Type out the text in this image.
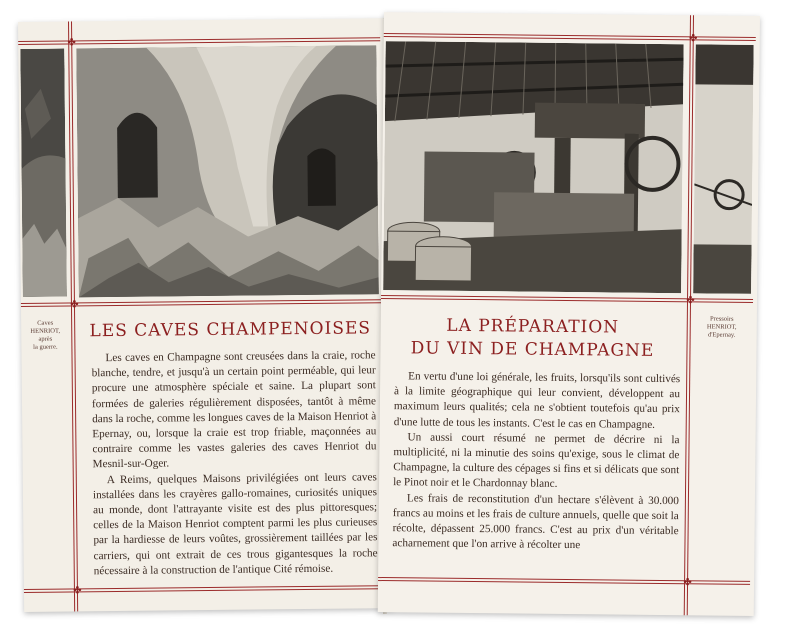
✤
✤
✤
Caves
HENRIOT,
après
la guerre.
LES CAVES CHAMPENOISES

Les caves en Champagne sont creusées dans la craie, roche blanche, tendre, et jusqu'à un certain point perméable, qui leur procure une atmosphère spéciale et saine. La plupart sont formées de galeries régulièrement disposées, tantôt à même dans la roche, comme les longues caves de la Maison Henriot à Epernay, ou, lorsque la craie est trop friable, maçonnées au contraire comme les vastes galeries des caves Henriot du Mesnil-sur-Oger.

A Reims, quelques Maisons privilégiées ont leurs caves installées dans les crayères gallo-romaines, curiosités uniques au monde, dont l'attrayante visite est des plus pittoresques; celles de la Maison Henriot comptent parmi les plus curieuses par la hardiesse de leurs voûtes, grossièrement taillées par les carriers, qui ont extrait de ces trous gigantesques la roche nécessaire à la construction de l'antique Cité rémoise.

✤
✤
✤
Pressoirs
HENRIOT,
d'Epernay.
LA PRÉPARATION
DU VIN DE CHAMPAGNE

En vertu d'une loi générale, les fruits, lorsqu'ils sont cultivés à la limite géographique qui leur convient, développent au maximum leurs qualités; cela ne s'obtient toutefois qu'au prix d'une lutte de tous les instants. C'est le cas en Champagne.

Un aussi court résumé ne permet de décrire ni la multiplicité, ni la minutie des soins qu'exige, sous le climat de Champagne, la culture des cépages si fins et si délicats que sont le Pinot noir et le Chardonnay blanc.

Les frais de reconstitution d'un hectare s'élèvent à 30.000 francs au moins et les frais de culture annuels, quelle que soit la récolte, dépassent 25.000 francs. C'est au prix d'un véritable acharnement que l'on arrive à récolter une
